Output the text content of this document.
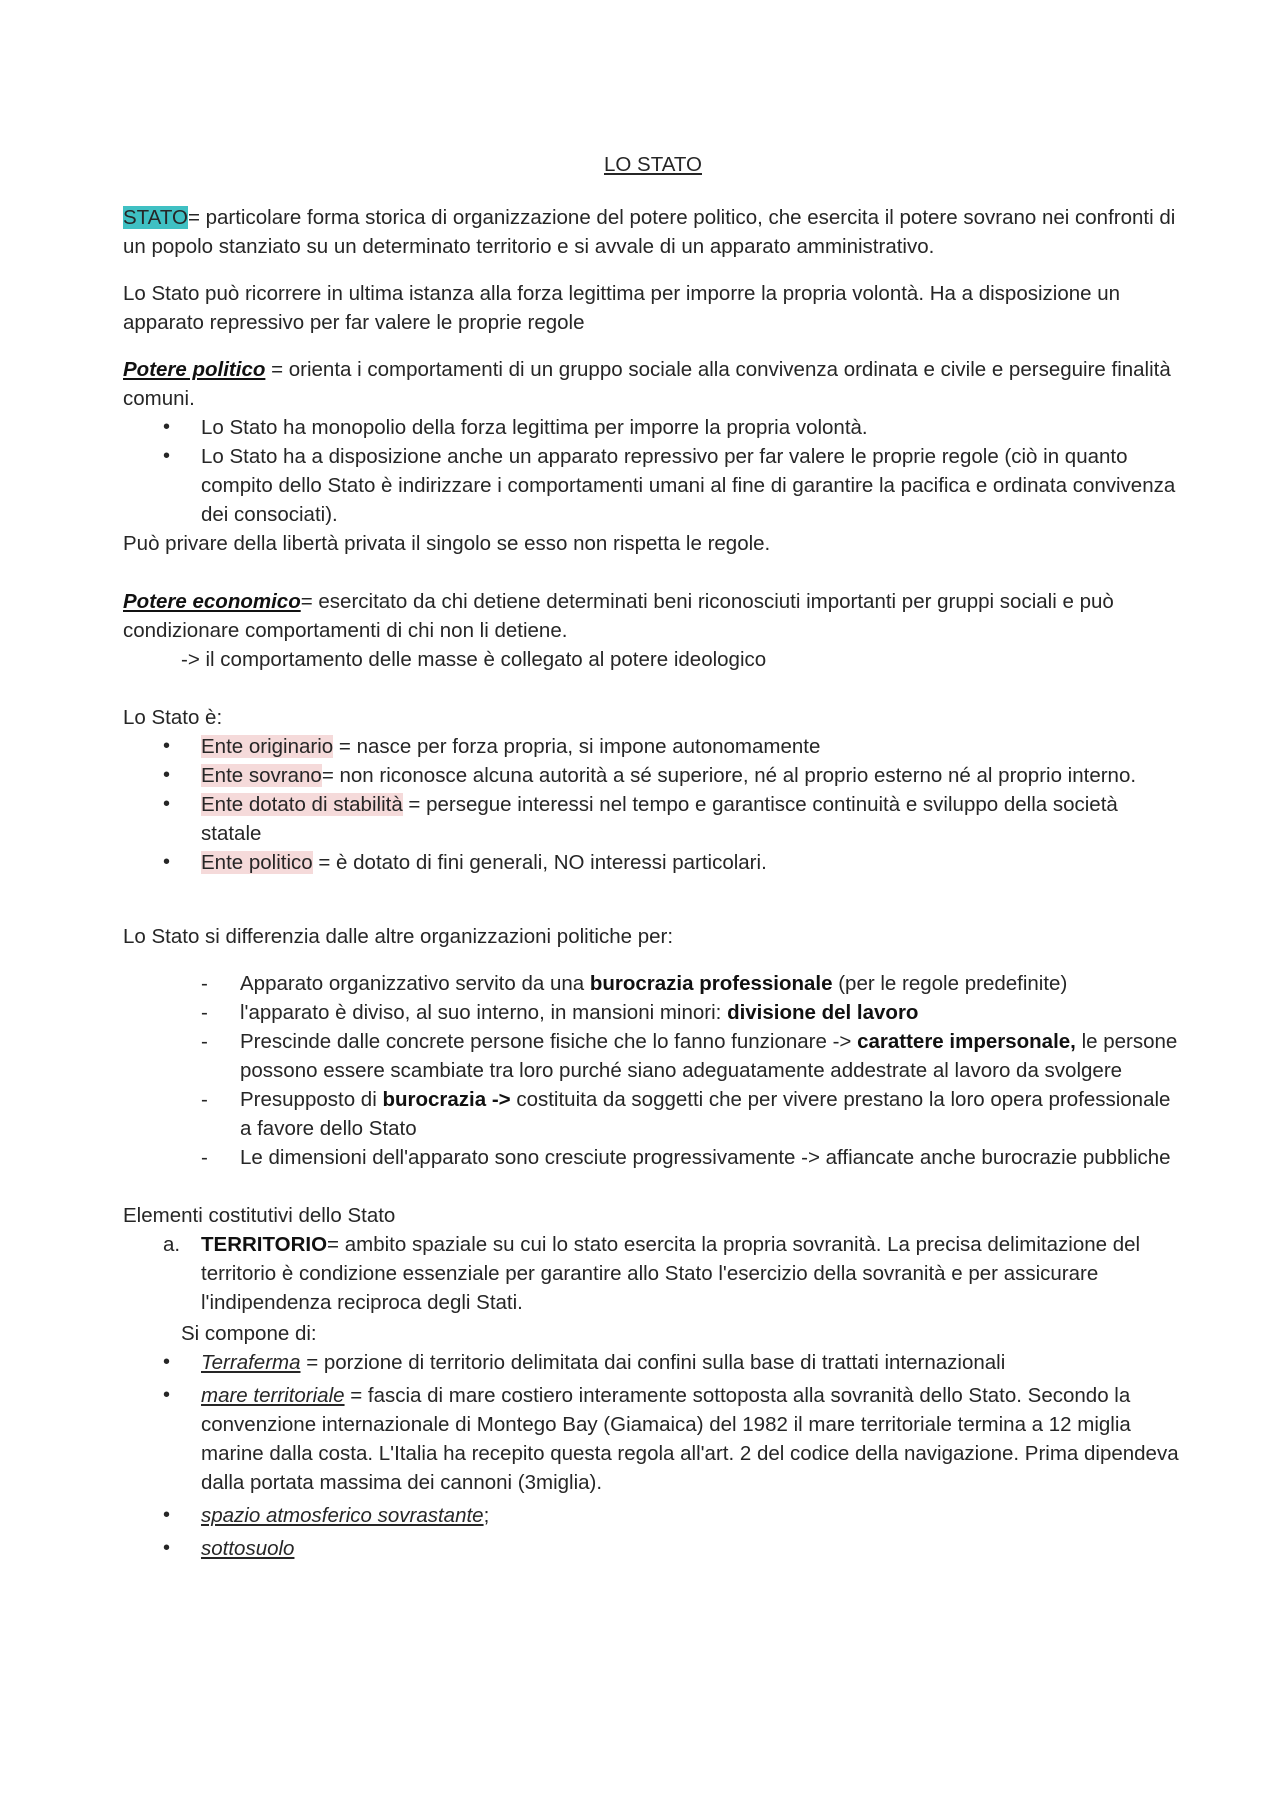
LO STATO

STATO= particolare forma storica di organizzazione del potere politico, che esercita il potere sovrano nei confronti di un popolo stanziato su un determinato territorio e si avvale di un apparato amministrativo.

Lo Stato può ricorrere in ultima istanza alla forza legittima per imporre la propria volontà. Ha a disposizione un apparato repressivo per far valere le proprie regole

Potere politico = orienta i comportamenti di un gruppo sociale alla convivenza ordinata e civile e perseguire finalità comuni.

• Lo Stato ha monopolio della forza legittima per imporre la propria volontà.
• Lo Stato ha a disposizione anche un apparato repressivo per far valere le proprie regole (ciò in quanto compito dello Stato è indirizzare i comportamenti umani al fine di garantire la pacifica e ordinata convivenza dei consociati).

Può privare della libertà privata il singolo se esso non rispetta le regole.

Potere economico= esercitato da chi detiene determinati beni riconosciuti importanti per gruppi sociali e può condizionare comportamenti di chi non li detiene.

-> il comportamento delle masse è collegato al potere ideologico

Lo Stato è:

• Ente originario = nasce per forza propria, si impone autonomamente
• Ente sovrano= non riconosce alcuna autorità a sé superiore, né al proprio esterno né al proprio interno.
• Ente dotato di stabilità = persegue interessi nel tempo e garantisce continuità e sviluppo della società statale
• Ente politico = è dotato di fini generali, NO interessi particolari.

Lo Stato si differenzia dalle altre organizzazioni politiche per:

- Apparato organizzativo servito da una burocrazia professionale (per le regole predefinite)
- l'apparato è diviso, al suo interno, in mansioni minori: divisione del lavoro
- Prescinde dalle concrete persone fisiche che lo fanno funzionare -> carattere impersonale, le persone possono essere scambiate tra loro purché siano adeguatamente addestrate al lavoro da svolgere
- Presupposto di burocrazia -> costituita da soggetti che per vivere prestano la loro opera professionale a favore dello Stato
- Le dimensioni dell'apparato sono cresciute progressivamente -> affiancate anche burocrazie pubbliche

Elementi costitutivi dello Stato

a. TERRITORIO= ambito spaziale su cui lo stato esercita la propria sovranità. La precisa delimitazione del territorio è condizione essenziale per garantire allo Stato l'esercizio della sovranità e per assicurare l'indipendenza reciproca degli Stati.

Si compone di:

• Terraferma = porzione di territorio delimitata dai confini sulla base di trattati internazionali
• mare territoriale = fascia di mare costiero interamente sottoposta alla sovranità dello Stato. Secondo la convenzione internazionale di Montego Bay (Giamaica) del 1982 il mare territoriale termina a 12 miglia marine dalla costa. L'Italia ha recepito questa regola all'art. 2 del codice della navigazione. Prima dipendeva dalla portata massima dei cannoni (3miglia).
• spazio atmosferico sovrastante;
• sottosuolo
